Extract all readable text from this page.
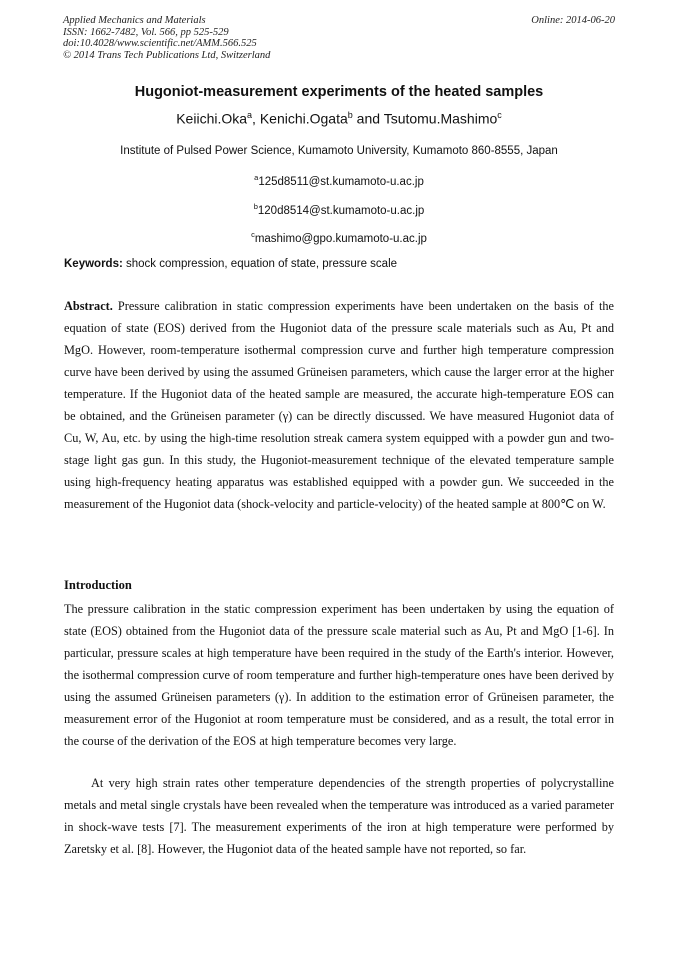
Applied Mechanics and Materials
ISSN: 1662-7482, Vol. 566, pp 525-529
doi:10.4028/www.scientific.net/AMM.566.525
© 2014 Trans Tech Publications Ltd, Switzerland
Online: 2014-06-20
Hugoniot-measurement experiments of the heated samples
Keiichi.Oka$^a$, Kenichi.Ogata$^b$ and Tsutomu.Mashimo$^c$
Institute of Pulsed Power Science, Kumamoto University, Kumamoto 860-8555, Japan
$^a$125d8511@st.kumamoto-u.ac.jp
$^b$120d8514@st.kumamoto-u.ac.jp
$^c$mashimo@gpo.kumamoto-u.ac.jp
Keywords: shock compression, equation of state, pressure scale
Abstract. Pressure calibration in static compression experiments have been undertaken on the basis of the equation of state (EOS) derived from the Hugoniot data of the pressure scale materials such as Au, Pt and MgO. However, room-temperature isothermal compression curve and further high temperature compression curve have been derived by using the assumed Grüneisen parameters, which cause the larger error at the higher temperature. If the Hugoniot data of the heated sample are measured, the accurate high-temperature EOS can be obtained, and the Grüneisen parameter (γ) can be directly discussed. We have measured Hugoniot data of Cu, W, Au, etc. by using the high-time resolution streak camera system equipped with a powder gun and two-stage light gas gun. In this study, the Hugoniot-measurement technique of the elevated temperature sample using high-frequency heating apparatus was established equipped with a powder gun. We succeeded in the measurement of the Hugoniot data (shock-velocity and particle-velocity) of the heated sample at 800℃ on W.
Introduction
The pressure calibration in the static compression experiment has been undertaken by using the equation of state (EOS) obtained from the Hugoniot data of the pressure scale material such as Au, Pt and MgO [1-6]. In particular, pressure scales at high temperature have been required in the study of the Earth's interior. However, the isothermal compression curve of room temperature and further high-temperature ones have been derived by using the assumed Grüneisen parameters (γ). In addition to the estimation error of Grüneisen parameter, the measurement error of the Hugoniot at room temperature must be considered, and as a result, the total error in the course of the derivation of the EOS at high temperature becomes very large.
At very high strain rates other temperature dependencies of the strength properties of polycrystalline metals and metal single crystals have been revealed when the temperature was introduced as a varied parameter in shock-wave tests [7]. The measurement experiments of the iron at high temperature were performed by Zaretsky et al. [8]. However, the Hugoniot data of the heated sample have not reported, so far.
